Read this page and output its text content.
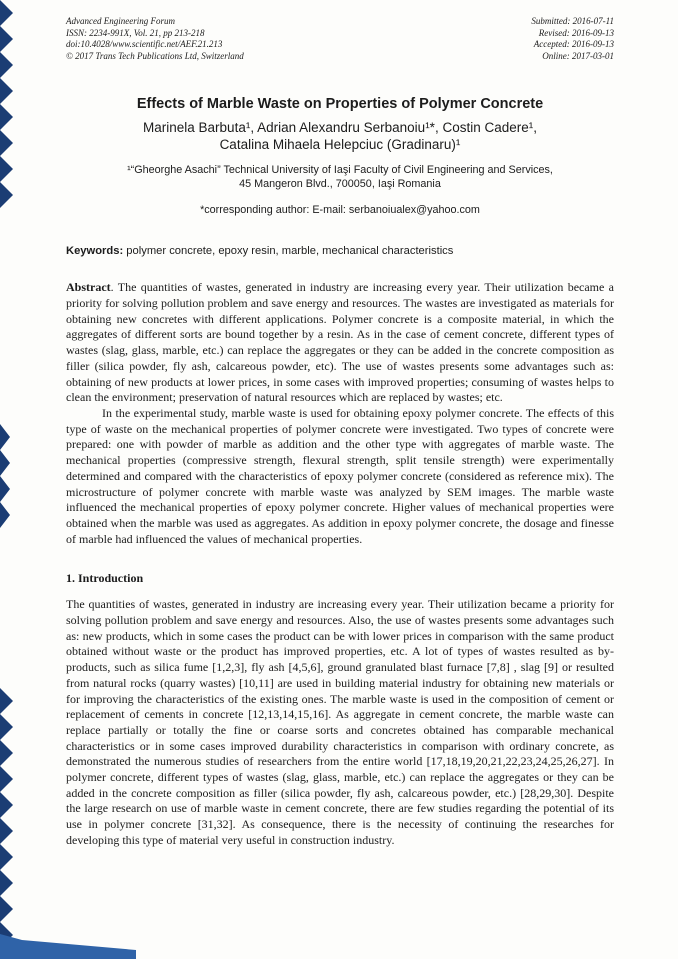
Advanced Engineering Forum
ISSN: 2234-991X, Vol. 21, pp 213-218
doi:10.4028/www.scientific.net/AEF.21.213
© 2017 Trans Tech Publications Ltd, Switzerland
Submitted: 2016-07-11
Revised: 2016-09-13
Accepted: 2016-09-13
Online: 2017-03-01
Effects of Marble Waste on Properties of Polymer Concrete

Marinela Barbuta¹, Adrian Alexandru Serbanoiu¹*, Costin Cadere¹,
Catalina Mihaela Helepciuc (Gradinaru)¹

¹“Gheorghe Asachi” Technical University of Iaşi Faculty of Civil Engineering and Services,
45 Mangeron Blvd., 700050, Iaşi Romania

*corresponding author: E-mail: serbanoiualex@yahoo.com

Keywords: polymer concrete, epoxy resin, marble, mechanical characteristics

Abstract. The quantities of wastes, generated in industry are increasing every year. Their utilization became a priority for solving pollution problem and save energy and resources. The wastes are investigated as materials for obtaining new concretes with different applications. Polymer concrete is a composite material, in which the aggregates of different sorts are bound together by a resin. As in the case of cement concrete, different types of wastes (slag, glass, marble, etc.) can replace the aggregates or they can be added in the concrete composition as filler (silica powder, fly ash, calcareous powder, etc). The use of wastes presents some advantages such as: obtaining of new products at lower prices, in some cases with improved properties; consuming of wastes helps to clean the environment; preservation of natural resources which are replaced by wastes; etc.

In the experimental study, marble waste is used for obtaining epoxy polymer concrete. The effects of this type of waste on the mechanical properties of polymer concrete were investigated. Two types of concrete were prepared: one with powder of marble as addition and the other type with aggregates of marble waste. The mechanical properties (compressive strength, flexural strength, split tensile strength) were experimentally determined and compared with the characteristics of epoxy polymer concrete (considered as reference mix). The microstructure of polymer concrete with marble waste was analyzed by SEM images. The marble waste influenced the mechanical properties of epoxy polymer concrete. Higher values of mechanical properties were obtained when the marble was used as aggregates. As addition in epoxy polymer concrete, the dosage and finesse of marble had influenced the values of mechanical properties.

1. Introduction

The quantities of wastes, generated in industry are increasing every year. Their utilization became a priority for solving pollution problem and save energy and resources. Also, the use of wastes presents some advantages such as: new products, which in some cases the product can be with lower prices in comparison with the same product obtained without waste or the product has improved properties, etc. A lot of types of wastes resulted as by-products, such as silica fume [1,2,3], fly ash [4,5,6], ground granulated blast furnace [7,8] , slag [9] or resulted from natural rocks (quarry wastes) [10,11] are used in building material industry for obtaining new materials or for improving the characteristics of the existing ones. The marble waste is used in the composition of cement or replacement of cements in concrete [12,13,14,15,16]. As aggregate in cement concrete, the marble waste can replace partially or totally the fine or coarse sorts and concretes obtained has comparable mechanical characteristics or in some cases improved durability characteristics in comparison with ordinary concrete, as demonstrated the numerous studies of researchers from the entire world [17,18,19,20,21,22,23,24,25,26,27]. In polymer concrete, different types of wastes (slag, glass, marble, etc.) can replace the aggregates or they can be added in the concrete composition as filler (silica powder, fly ash, calcareous powder, etc.) [28,29,30]. Despite the large research on use of marble waste in cement concrete, there are few studies regarding the potential of its use in polymer concrete [31,32]. As consequence, there is the necessity of continuing the researches for developing this type of material very useful in construction industry.
